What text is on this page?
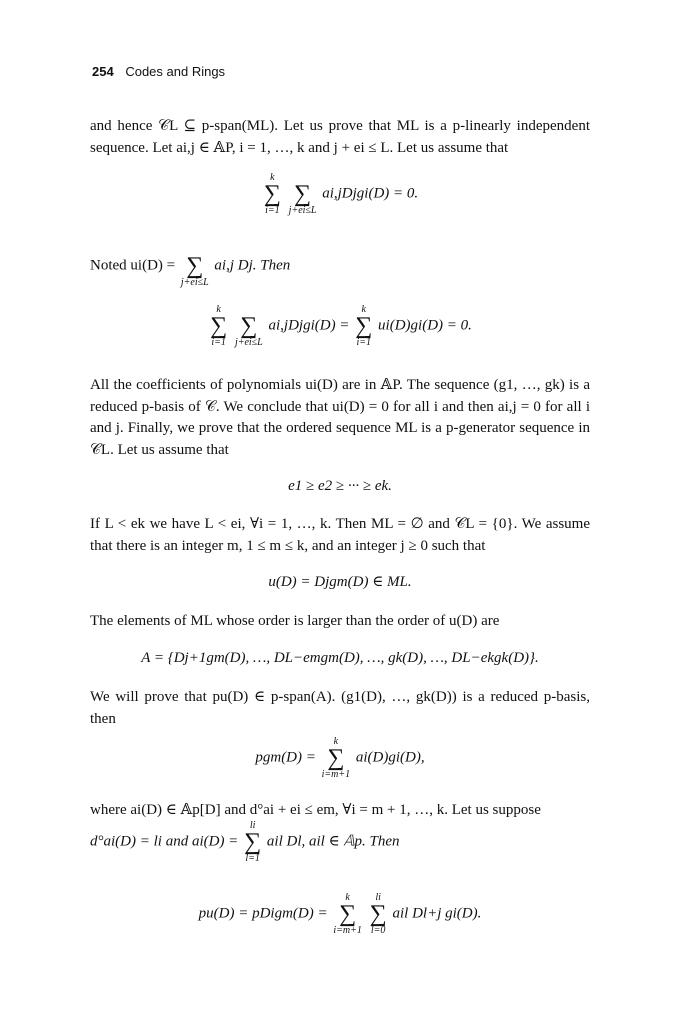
254 Codes and Rings
and hence 𝒞L ⊆ p-span(ML). Let us prove that ML is a p-linearly independent sequence. Let ai,j ∈ 𝔸P, i = 1, …, k and j + ei ≤ L. Let us assume that
k
∑
i=1

∑
j+ei≤L
ai,jDjgi(D) = 0.
Noted ui(D) = ∑
j+ei≤L
ai,j Dj. Then
k
∑
i=1

∑
j+ei≤L
ai,jDjgi(D) =
k
∑
i=1
ui(D)gi(D) = 0.
All the coefficients of polynomials ui(D) are in 𝔸P. The sequence (g1, …, gk) is a reduced p-basis of 𝒞. We conclude that ui(D) = 0 for all i and then ai,j = 0 for all i and j. Finally, we prove that the ordered sequence ML is a p-generator sequence in 𝒞L. Let us assume that
e1 ≥ e2 ≥ ··· ≥ ek.
If L < ek we have L < ei, ∀i = 1, …, k. Then ML = ∅ and 𝒞L = {0}. We assume that there is an integer m, 1 ≤ m ≤ k, and an integer j ≥ 0 such that
u(D) = Djgm(D) ∈ ML.
The elements of ML whose order is larger than the order of u(D) are
A = {Dj+1gm(D), …, DL−emgm(D), …, gk(D), …, DL−ekgk(D)}.
We will prove that pu(D) ∈ p-span(A). (g1(D), …, gk(D)) is a reduced p-basis, then
pgm(D) =
k
∑
i=m+1
ai(D)gi(D),
where ai(D) ∈ 𝔸p[D] and d°ai + ei ≤ em, ∀i = m + 1, …, k. Let us suppose
d°ai(D) = li and ai(D) =
li
∑
l=1
ail Dl, ail ∈ 𝔸p. Then
pu(D) = pDigm(D) =
k
∑
i=m+1

li
∑
l=0
ail Dl+j gi(D).
